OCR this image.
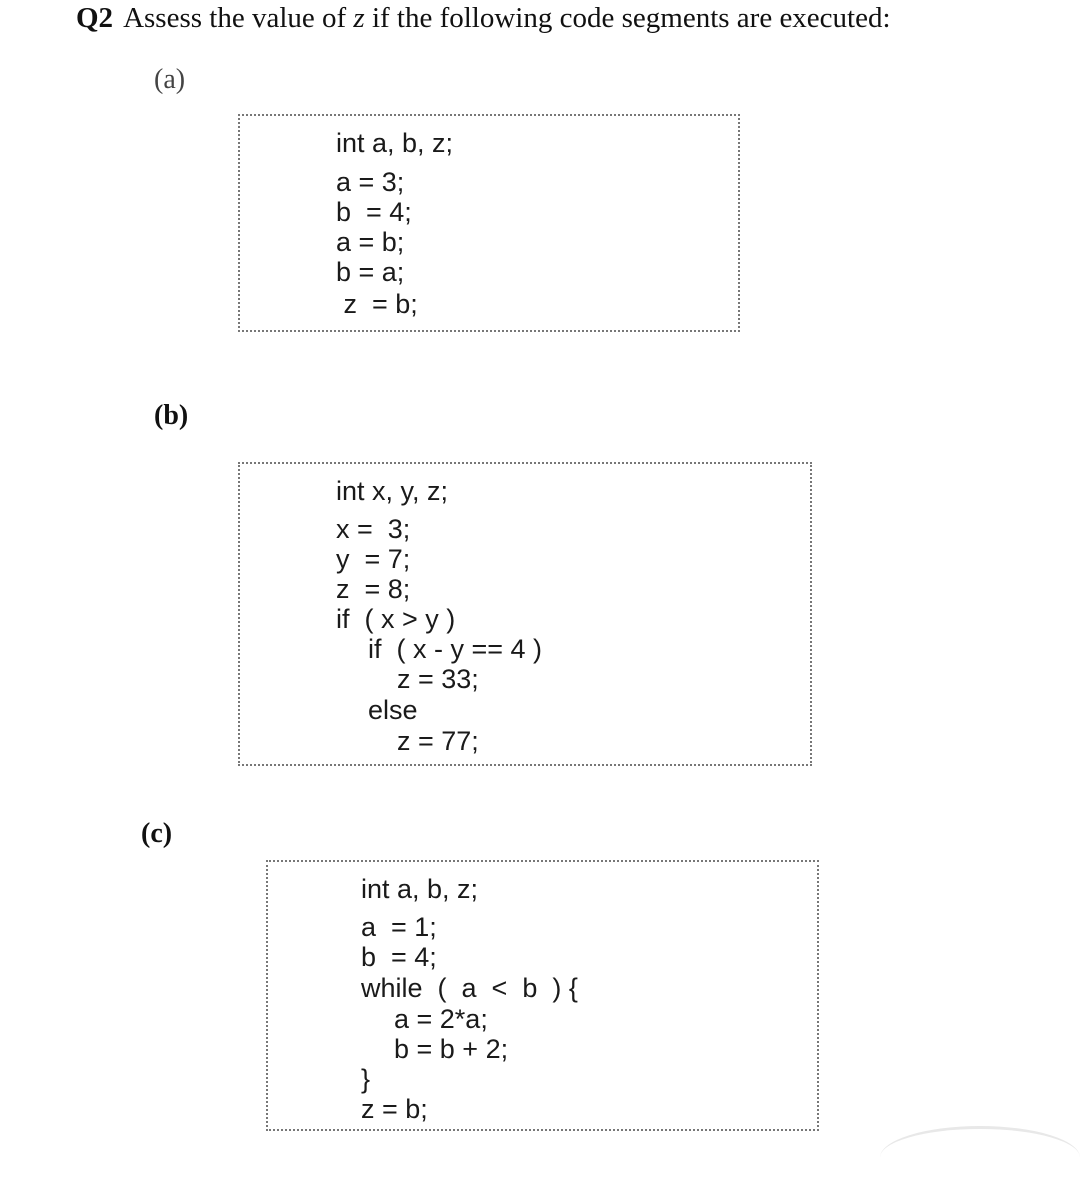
Q2 Assess the value of z if the following code segments are executed:
(a)
int a, b, z;
a = 3;
b  = 4;
a = b;
b = a;
z  = b;
(b)
int x, y, z;
x =  3;
y  = 7;
z  = 8;
if  ( x > y )
if  ( x - y == 4 )
z = 33;
else
z = 77;
(c)
int a, b, z;
a  = 1;
b  = 4;
while  (  a  <  b  ) {
a = 2*a;
b = b + 2;
}
z = b;
